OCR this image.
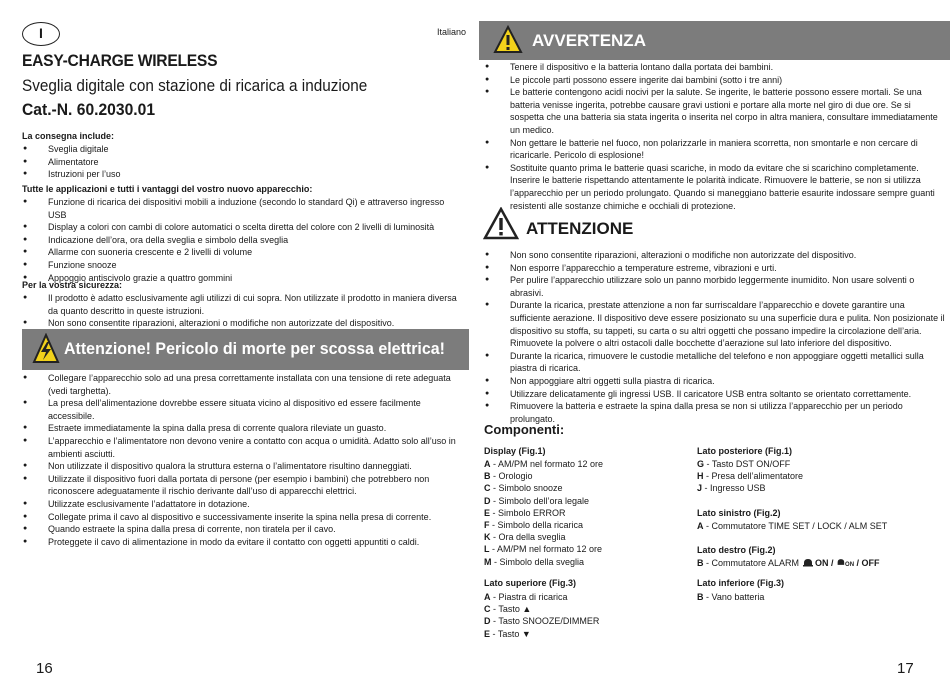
I	Italiano
EASY-CHARGE WIRELESS
Sveglia digitale con stazione di ricarica a induzione
Cat.-N. 60.2030.01
La consegna include:
● Sveglia digitale
● Alimentatore
● Istruzioni per l’uso
Tutte le applicazioni e tutti i vantaggi del vostro nuovo apparecchio:
● Funzione di ricarica dei dispositivi mobili a induzione (secondo lo standard Qi) e attraverso ingresso USB
● Display a colori con cambi di colore automatici o scelta diretta del colore con 2 livelli di luminosità
● Indicazione dell’ora, ora della sveglia e simbolo della sveglia
● Allarme con suoneria crescente e 2 livelli di volume
● Funzione snooze
● Appoggio antiscivolo grazie a quattro gommini
Per la vostra sicurezza:
● Il prodotto è adatto esclusivamente agli utilizzi di cui sopra. Non utilizzate il prodotto in maniera diversa da quanto descritto in queste istruzioni.
● Non sono consentite riparazioni, alterazioni o modifiche non autorizzate del dispositivo.
Attenzione! Pericolo di morte per scossa elettrica!
● Collegare l’apparecchio solo ad una presa correttamente installata con una tensione di rete adeguata (vedi targhetta).
● La presa dell’alimentazione dovrebbe essere situata vicino al dispositivo ed essere facilmente accessibile.
● Estraete immediatamente la spina dalla presa di corrente qualora rileviate un guasto.
● L’apparecchio e l’alimentatore non devono venire a contatto con acqua o umidità. Adatto solo all’uso in ambienti asciutti.
● Non utilizzate il dispositivo qualora la struttura esterna o l’alimentatore risultino danneggiati.
● Utilizzate il dispositivo fuori dalla portata di persone (per esempio i bambini) che potrebbero non riconoscere adeguatamente il rischio derivante dall’uso di apparecchi elettrici.
● Utilizzate esclusivamente l’adattatore in dotazione.
● Collegate prima il cavo al dispositivo e successivamente inserite la spina nella presa di corrente.
● Quando estraete la spina dalla presa di corrente, non tiratela per il cavo.
● Proteggete il cavo di alimentazione in modo da evitare il contatto con oggetti appuntiti o caldi.
16
AVVERTENZA
● Tenere il dispositivo e la batteria lontano dalla portata dei bambini.
● Le piccole parti possono essere ingerite dai bambini (sotto i tre anni)
● Le batterie contengono acidi nocivi per la salute. Se ingerite, le batterie possono essere mortali. Se una batteria venisse ingerita, potrebbe causare gravi ustioni e portare alla morte nel giro di due ore. Se si sospetta che una batteria sia stata ingerita o inserita nel corpo in altra maniera, consultare immediatamente un medico.
● Non gettare le batterie nel fuoco, non polarizzarle in maniera scorretta, non smontarle e non cercare di ricaricarle. Pericolo di esplosione!
● Sostituite quanto prima le batterie quasi scariche, in modo da evitare che si scarichino completamente. Inserire le batterie rispettando attentamente le polarità indicate. Rimuovere le batterie, se non si utilizza l’apparecchio per un periodo prolungato. Quando si maneggiano batterie esaurite indossare sempre guanti resistenti alle sostanze chimiche e occhiali di protezione.
17
ATTENZIONE
● Non sono consentite riparazioni, alterazioni o modifiche non autorizzate del dispositivo.
● Non esporre l’apparecchio a temperature estreme, vibrazioni e urti.
● Per pulire l’apparecchio utilizzare solo un panno morbido leggermente inumidito. Non usare solventi o abrasivi.
● Durante la ricarica, prestate attenzione a non far surriscaldare l’apparecchio e dovete garantire una sufficiente aerazione. Il dispositivo deve essere posizionato su una superficie dura e pulita. Non posizionate il dispositivo su stoffa, su tappeti, su carta o su altri oggetti che possano impedire la circolazione dell’aria. Rimuovete la polvere o altri ostacoli dalle bocchette d’aerazione sul lato inferiore del dispositivo.
● Durante la ricarica, rimuovere le custodie metalliche del telefono e non appoggiare oggetti metallici sulla piastra di ricarica.
● Non appoggiare altri oggetti sulla piastra di ricarica.
● Utilizzare delicatamente gli ingressi USB. Il caricatore USB entra soltanto se orientato correttamente.
● Rimuovere la batteria e estraete la spina dalla presa se non si utilizza l’apparecchio per un periodo prolungato.
Componenti:
Display (Fig.1)
A - AM/PM nel formato 12 ore
B - Orologio
C - Simbolo snooze
D - Simbolo dell’ora legale
E - Simbolo ERROR
F - Simbolo della ricarica
K - Ora della sveglia
L - AM/PM nel formato 12 ore
M - Simbolo della sveglia
Lato superiore (Fig.3)
A - Piastra di ricarica
C - Tasto ▲
D - Tasto SNOOZE/DIMMER
E - Tasto ▼
Lato posteriore (Fig.1)
G - Tasto DST ON/OFF
H - Presa dell’alimentatore
J - Ingresso USB
Lato sinistro (Fig.2)
A - Commutatore TIME SET / LOCK / ALM SET
Lato destro (Fig.2)
B - Commutatore ALARM  ON / ON / OFF
Lato inferiore (Fig.3)
B - Vano batteria
